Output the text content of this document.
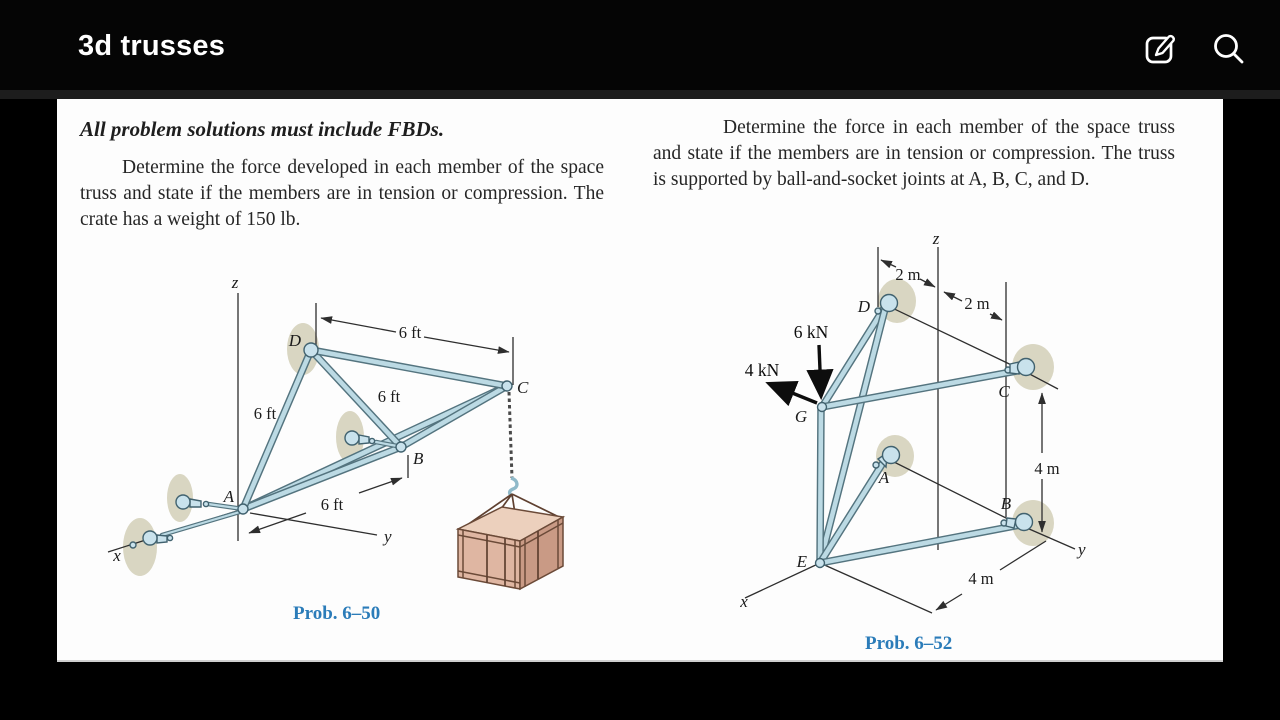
3d trusses
All problem solutions must include FBDs.
Determine the force developed in each member of the space truss and state if the members are in tension or compression. The crate has a weight of 150 lb.
Determine the force in each member of the space truss and state if the members are in tension or compression. The truss is supported by ball-and-socket joints at A, B, C, and D.
z
x
y
A
B
C
D	6 ft
6 ft
6 ft
6 ft
z
y
x
D
C
G
A
B
E
2 m
2 m
4 m
4 m
6 kN
4 kN
Prob. 6–50
Prob. 6–52
